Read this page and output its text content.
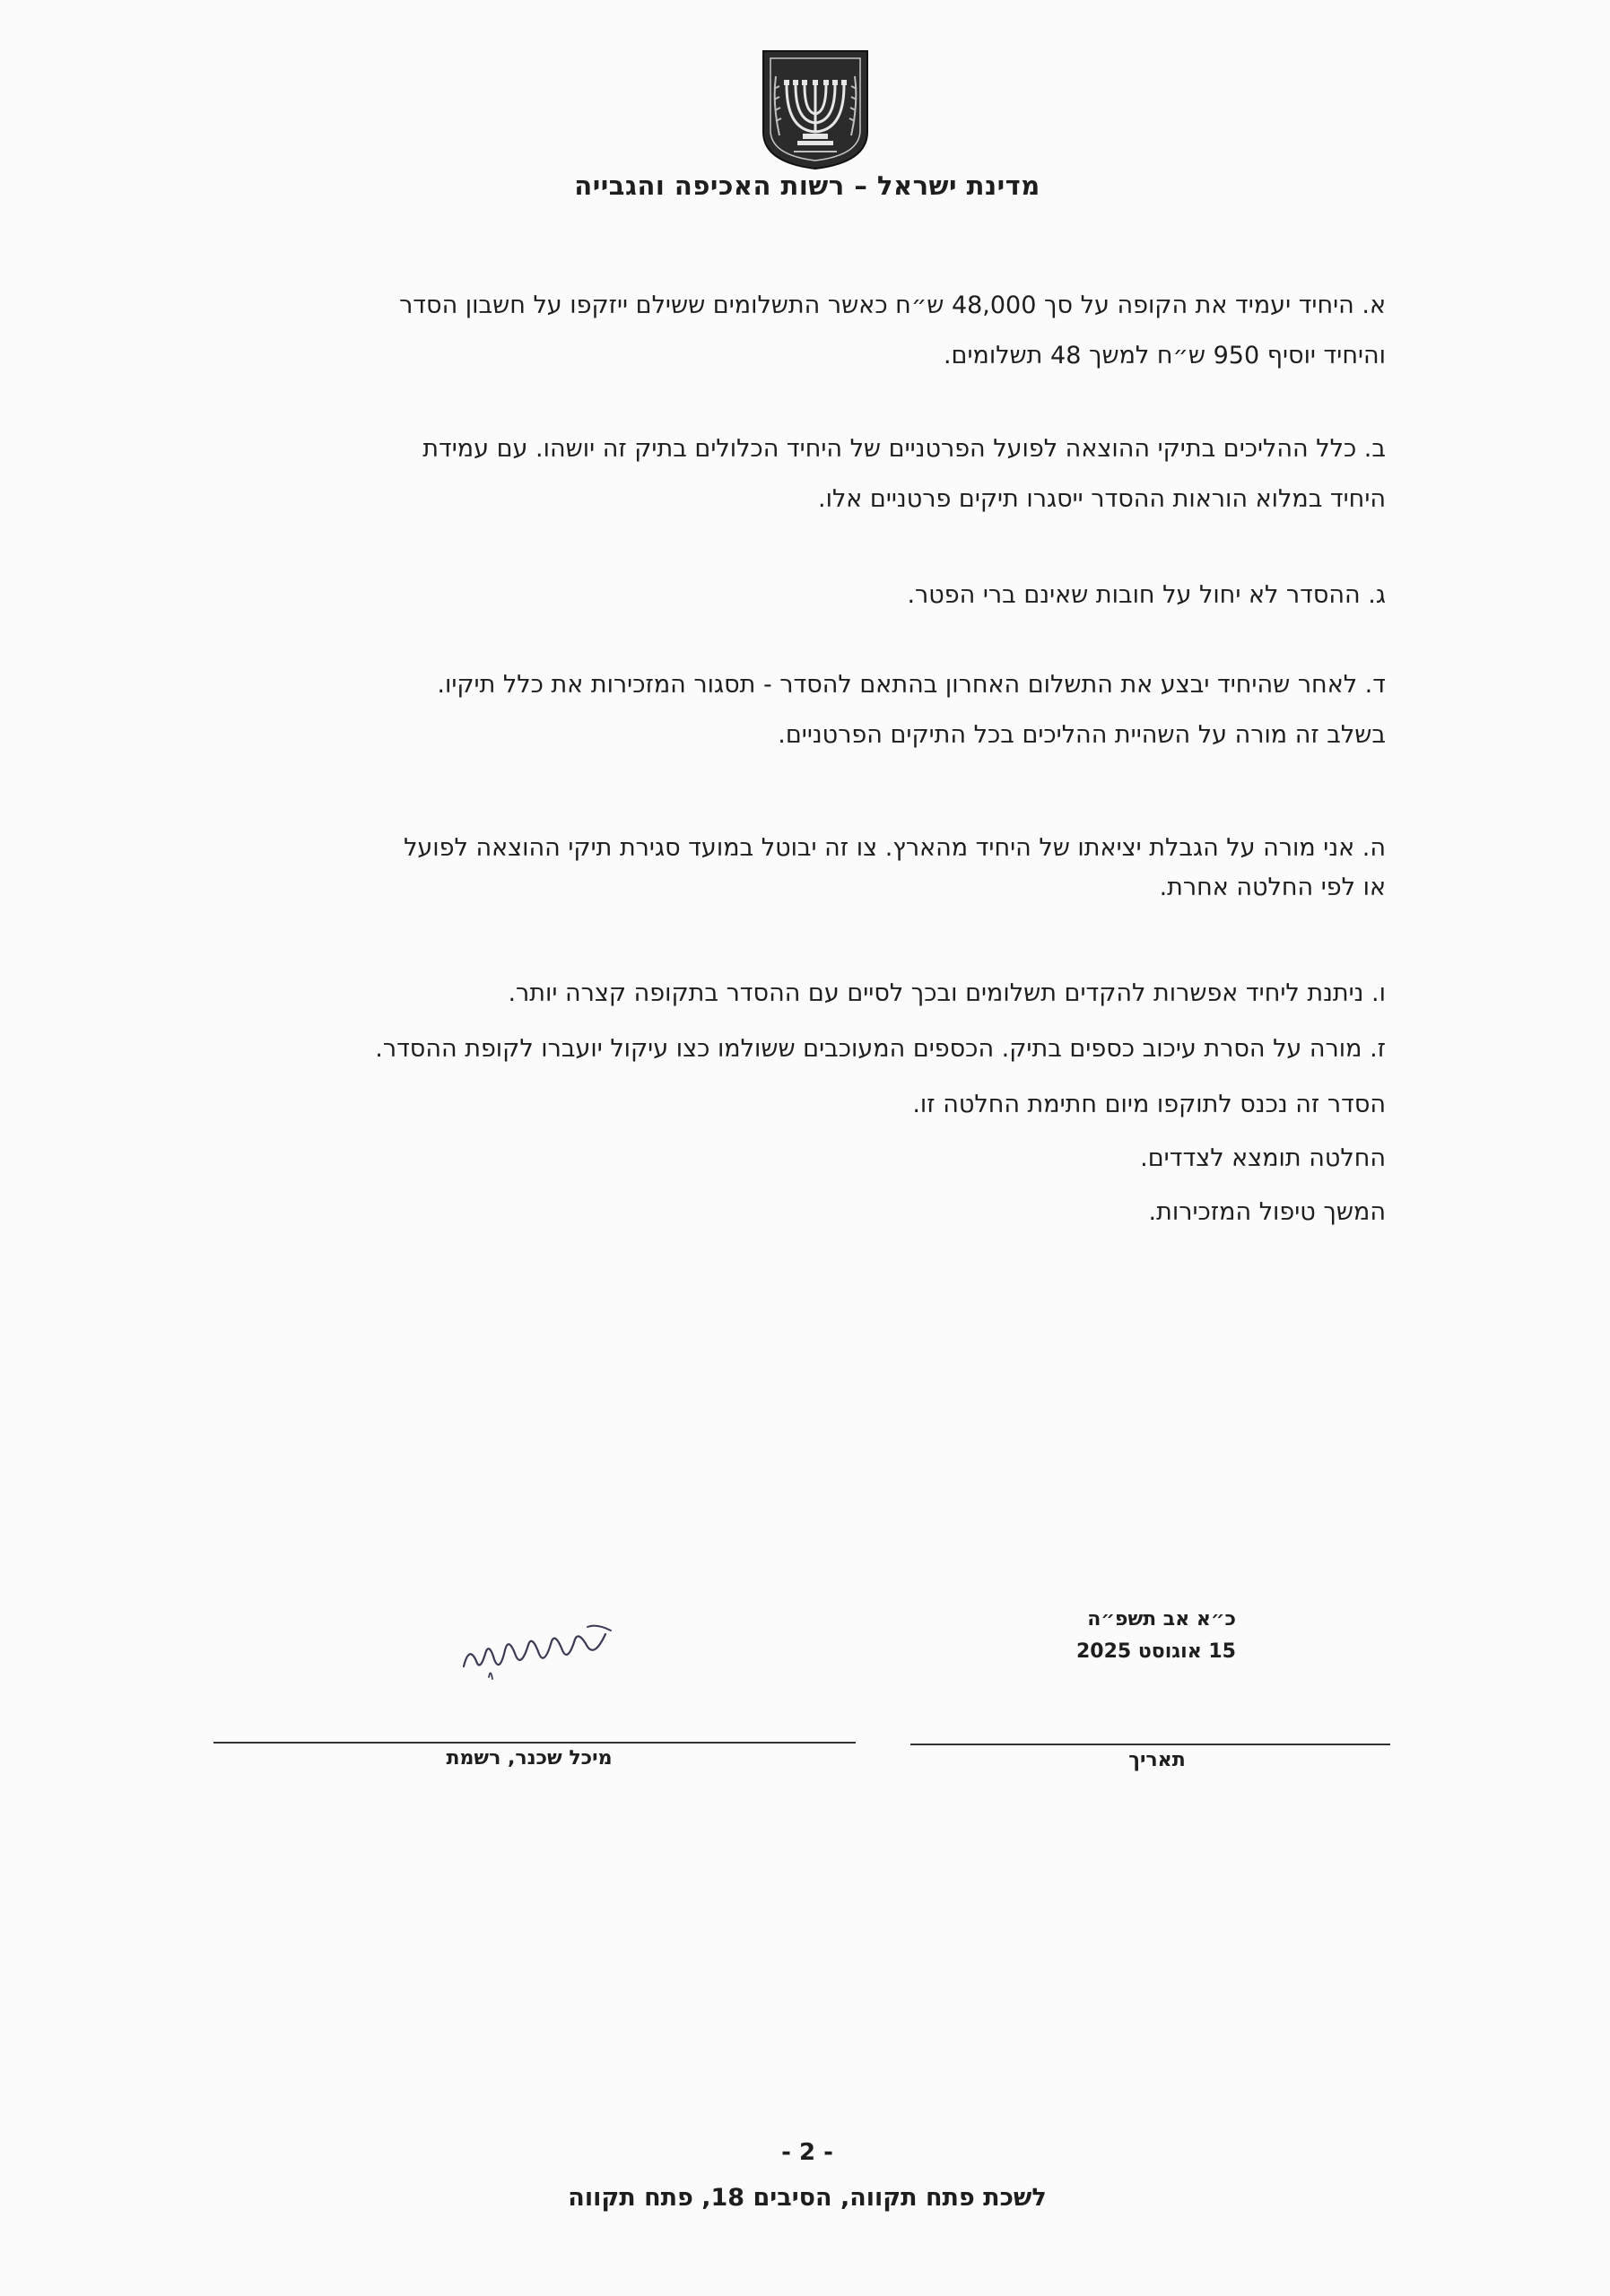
מדינת ישראל – רשות האכיפה והגבייה
א. היחיד יעמיד את הקופה על סך 48,000 ש״ח כאשר התשלומים ששילם ייזקפו על חשבון הסדר
והיחיד יוסיף 950 ש״ח למשך 48 תשלומים.
ב. כלל ההליכים בתיקי ההוצאה לפועל הפרטניים של היחיד הכלולים בתיק זה יושהו. עם עמידת
היחיד במלוא הוראות ההסדר ייסגרו תיקים פרטניים אלו.
ג. ההסדר לא יחול על חובות שאינם ברי הפטר.
ד. לאחר שהיחיד יבצע את התשלום האחרון בהתאם להסדר - תסגור המזכירות את כלל תיקיו.
בשלב זה מורה על השהיית ההליכים בכל התיקים הפרטניים.
ה. אני מורה על הגבלת יציאתו של היחיד מהארץ. צו זה יבוטל במועד סגירת תיקי ההוצאה לפועל
או לפי החלטה אחרת.
ו. ניתנת ליחיד אפשרות להקדים תשלומים ובכך לסיים עם ההסדר בתקופה קצרה יותר.
ז. מורה על הסרת עיכוב כספים בתיק. הכספים המעוכבים ששולמו כצו עיקול יועברו לקופת ההסדר.
הסדר זה נכנס לתוקפו מיום חתימת החלטה זו.
החלטה תומצא לצדדים.
המשך טיפול המזכירות.
כ״א אב תשפ״ה
15 אוגוסט 2025
מיכל שכנר, רשמת	תאריך
- 2 -
לשכת פתח תקווה, הסיבים 18, פתח תקווה
